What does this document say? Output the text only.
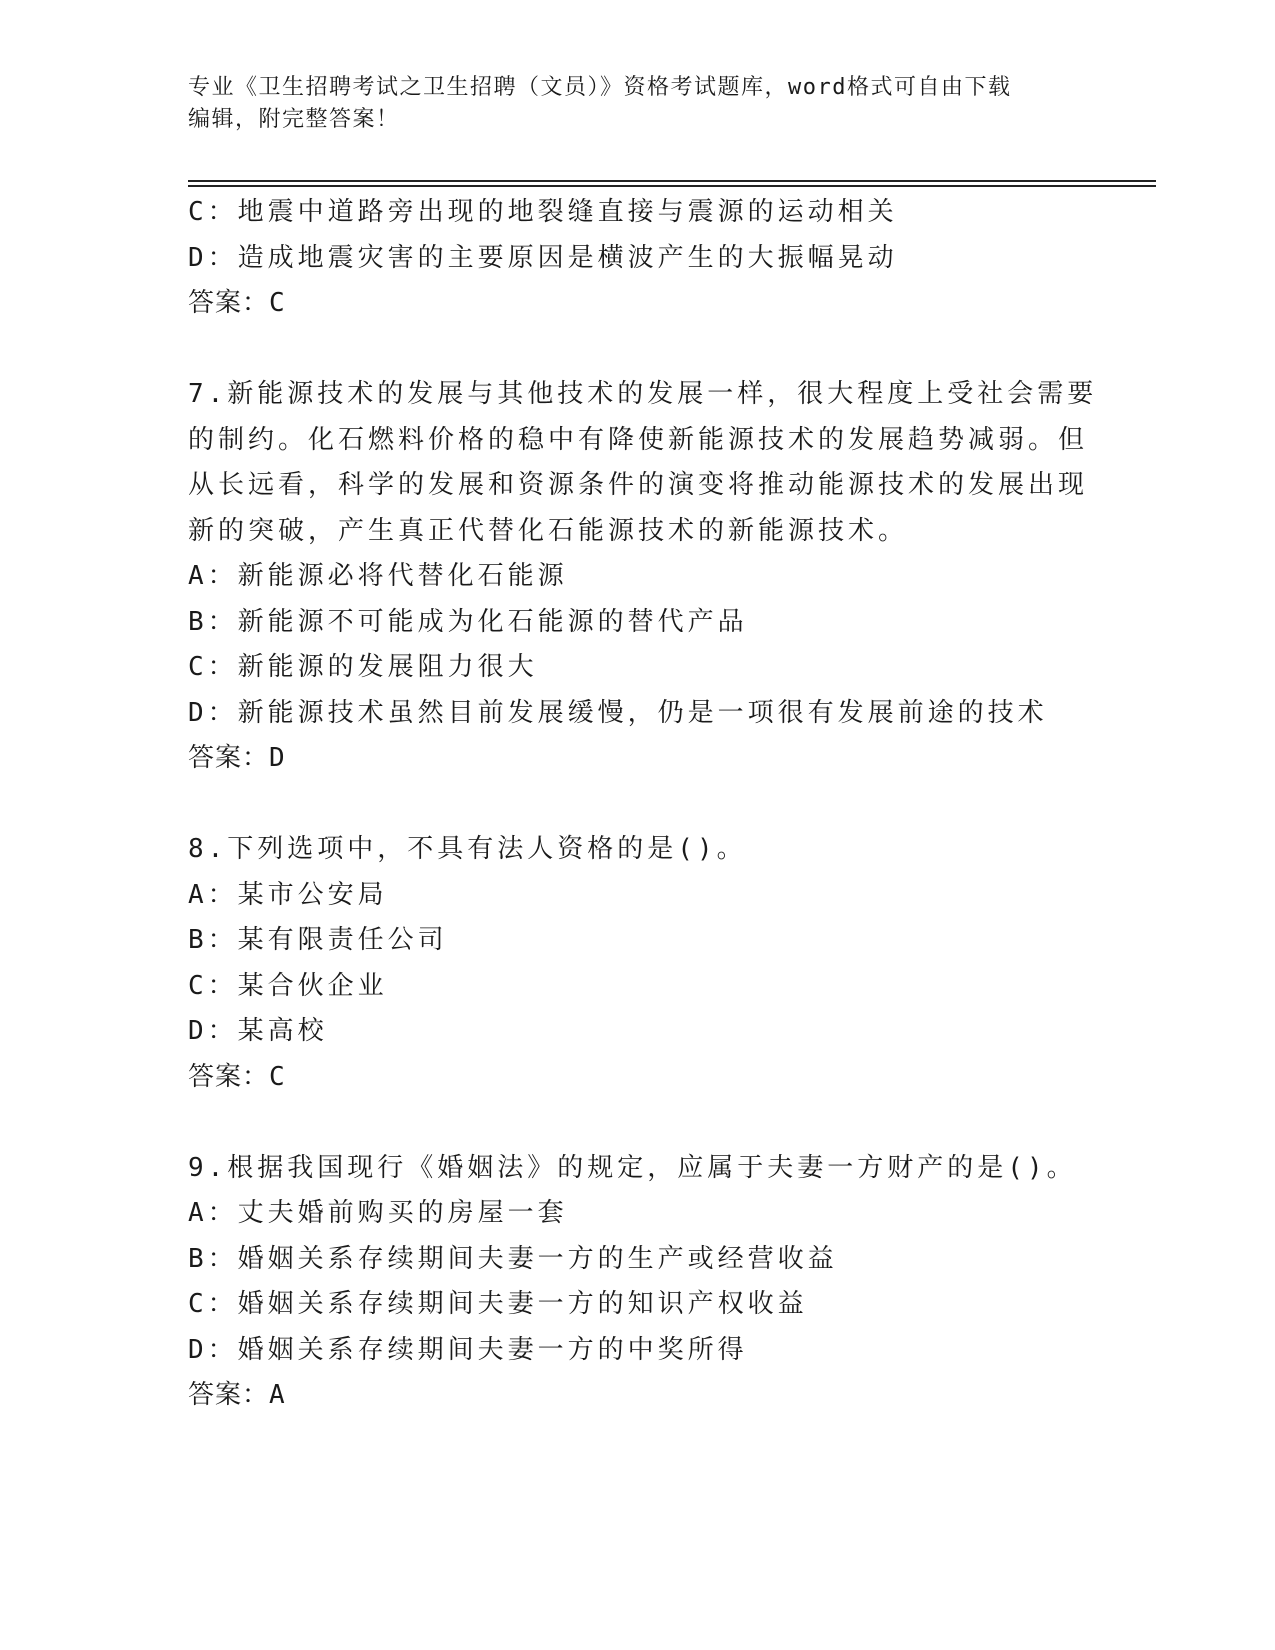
专业《卫生招聘考试之卫生招聘（文员）》资格考试题库，word格式可自由下载
编辑，附完整答案！
C：地震中道路旁出现的地裂缝直接与震源的运动相关
D：造成地震灾害的主要原因是横波产生的大振幅晃动
答案：C
7.新能源技术的发展与其他技术的发展一样，很大程度上受社会需要
的制约。化石燃料价格的稳中有降使新能源技术的发展趋势减弱。但
从长远看，科学的发展和资源条件的演变将推动能源技术的发展出现
新的突破，产生真正代替化石能源技术的新能源技术。
A：新能源必将代替化石能源
B：新能源不可能成为化石能源的替代产品
C：新能源的发展阻力很大
D：新能源技术虽然目前发展缓慢，仍是一项很有发展前途的技术
答案：D
8.下列选项中，不具有法人资格的是()。
A：某市公安局
B：某有限责任公司
C：某合伙企业
D：某高校
答案：C
9.根据我国现行《婚姻法》的规定，应属于夫妻一方财产的是()。
A：丈夫婚前购买的房屋一套
B：婚姻关系存续期间夫妻一方的生产或经营收益
C：婚姻关系存续期间夫妻一方的知识产权收益
D：婚姻关系存续期间夫妻一方的中奖所得
答案：A
